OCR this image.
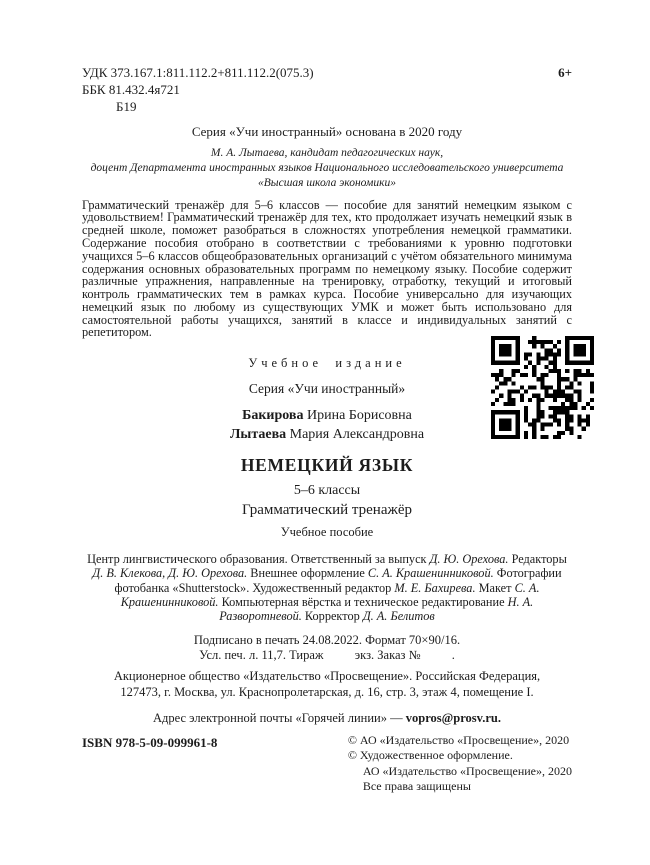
УДК 373.167.1:811.112.2+811.112.2(075.3)	6+
ББК 81.432.4я721
Б19
Серия «Учи иностранный» основана в 2020 году
М. А. Лытаева, кандидат педагогических наук,
доцент Департамента иностранных языков Национального исследовательского университета
«Высшая школа экономики»
Грамматический тренажёр для 5–6 классов — пособие для занятий немецким языком с удовольствием! Грамматический тренажёр для тех, кто продолжает изучать немецкий язык в средней школе, поможет разобраться в сложностях употребления немецкой грамматики. Содержание пособия отобрано в соответствии с требованиями к уровню подготовки учащихся 5–6 классов общеобразовательных организаций с учётом обязательного минимума содержания основных образовательных программ по немецкому языку. Пособие содержит различные упражнения, направленные на тренировку, отработку, текущий и итоговый контроль грамматических тем в рамках курса. Пособие универсально для изучающих немецкий язык по любому из существующих УМК и может быть использовано для самостоятельной работы учащихся, занятий в классе и индивидуальных занятий с репетитором.
Учебное издание
Серия «Учи иностранный»
Бакирова Ирина Борисовна
Лытаева Мария Александровна
НЕМЕЦКИЙ ЯЗЫК
5–6 классы
Грамматический тренажёр
Учебное пособие
Центр лингвистического образования. Ответственный за выпуск Д. Ю. Орехова. Редакторы Д. В. Клекова, Д. Ю. Орехова. Внешнее оформление С. А. Крашенинниковой. Фотографии фотобанка «Shutterstock». Художественный редактор М. Е. Бахирева. Макет С. А. Крашенинниковой. Компьютерная вёрстка и техническое редактирование Н. А. Разворотневой. Корректор Д. А. Белитов
Подписано в печать 24.08.2022. Формат 70×90/16.
Усл. печ. л. 11,7. Тираж          экз. Заказ №          .
Акционерное общество «Издательство «Просвещение». Российская Федерация,
127473, г. Москва, ул. Краснопролетарская, д. 16, стр. 3, этаж 4, помещение I.
Адрес электронной почты «Горячей линии» — vopros@prosv.ru.
ISBN 978-5-09-099961-8	© АО «Издательство «Просвещение», 2020
© Художественное оформление.
АО «Издательство «Просвещение», 2020
Все права защищены
